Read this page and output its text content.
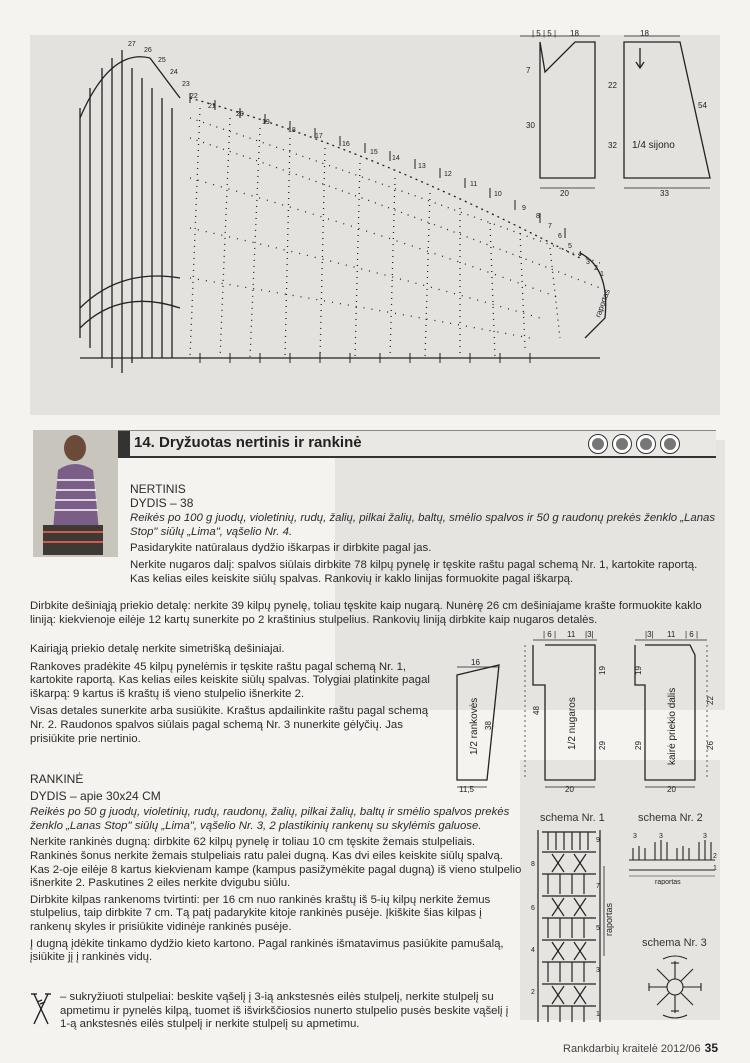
27
26
25
24
23
22
21
20
19
18
17
16
15
14
13
12
11
10
9
8
7
6
5
4
3
2
1
raportas
| 5 | 5 | 18	18
20	33
7
22
30
32
54
1/4 sijono
14. Dryžuotas nertinis ir rankinė

NERTINIS

DYDIS – 38

Reikės po 100 g juodų, violetinių, rudų, žalių, pilkai žalių, baltų, smėlio spalvos ir 50 g raudonų prekės ženklo „Lanas Stop" siūlų „Lima", vąšelio Nr. 4.

Pasidarykite natūralaus dydžio iškarpas ir dirbkite pagal jas.

Nerkite nugaros dalį: spalvos siūlais dirbkite 78 kilpų pynelę ir tęskite raštu pagal schemą Nr. 1, kartokite raportą. Kas kelias eiles keiskite siūlų spalvas. Rankovių ir kaklo linijas formuokite pagal iškarpą.

Dirbkite dešiniąją priekio detalę: nerkite 39 kilpų pynelę, toliau tęskite kaip nugarą. Nunėrę 26 cm dešiniajame krašte formuokite kaklo liniją: kiekvienoje eilėje 12 kartų sunerkite po 2 kraštinius stulpelius. Rankovių liniją dirbkite kaip nugaros detalės.

Kairiąją priekio detalę nerkite simetrišką dešiniajai.

Rankoves pradėkite 45 kilpų pynelėmis ir tęskite raštu pagal schemą Nr. 1, kartokite raportą. Kas kelias eiles keiskite siūlų spalvas. Tolygiai platinkite pagal iškarpą: 9 kartus iš kraštų iš vieno stulpelio išnerkite 2.

Visas detales sunerkite arba susiūkite. Kraštus apdailinkite raštu pagal schemą Nr. 2. Raudonos spalvos siūlais pagal schemą Nr. 3 nunerkite gėlyčių. Jas prisiūkite prie nertinio.

16
38
11,5
| 6 | 11 |3|
19
48
29
20
|3| 11 | 6 |
19
22
29	26
20
1/2 rankovės	1/2 nugaros	kairė priekio dalis

RANKINĖ

DYDIS – apie 30x24 CM

Reikės po 50 g juodų, violetinių, rudų, raudonų, žalių, pilkai žalių, baltų ir smėlio spalvos prekės ženklo „Lanas Stop" siūlų „Lima", vąšelio Nr. 3, 2 plastikinių rankenų su skylėmis galuose.

Nerkite rankinės dugną: dirbkite 62 kilpų pynelę ir toliau 10 cm tęskite žemais stulpeliais. Rankinės šonus nerkite žemais stulpeliais ratu palei dugną. Kas dvi eiles keiskite siūlų spalvą. Kas 2-oje eilėje 8 kartus kiekvienam kampe (kampus pasižymėkite pagal dugną) iš vieno stulpelio išnerkite 2. Paskutines 2 eiles nerkite dvigubu siūlu.

Dirbkite kilpas rankenoms tvirtinti: per 16 cm nuo rankinės kraštų iš 5-ių kilpų nerkite žemus stulpelius, taip dirbkite 7 cm. Tą patį padarykite kitoje rankinės pusėje. Įkiškite šias kilpas į rankenų skyles ir prisiūkite vidinėje rankinės pusėje.

Į dugną įdėkite tinkamo dydžio kieto kartono. Pagal rankinės išmatavimus pasiūkite pamušalą, įsiūkite jį į rankinės vidų.

– sukryžiuoti stulpeliai: beskite vąšelį į 3-ią ankstesnės eilės stulpelį, nerkite stulpelį su apmetimu ir pynelės kilpą, tuomet iš išvirkščiosios nunerto stulpelio pusės beskite vąšelį į 1-ą ankstesnės eilės stulpelį ir nerkite stulpelį su apmetimu.

schema Nr. 1	schema Nr. 2
schema Nr. 3
9
8
7
6
5
4
3
2
1
raportas
3	3	3
2
1
raportas
Rankdarbių kraitelė 2012/06 35
